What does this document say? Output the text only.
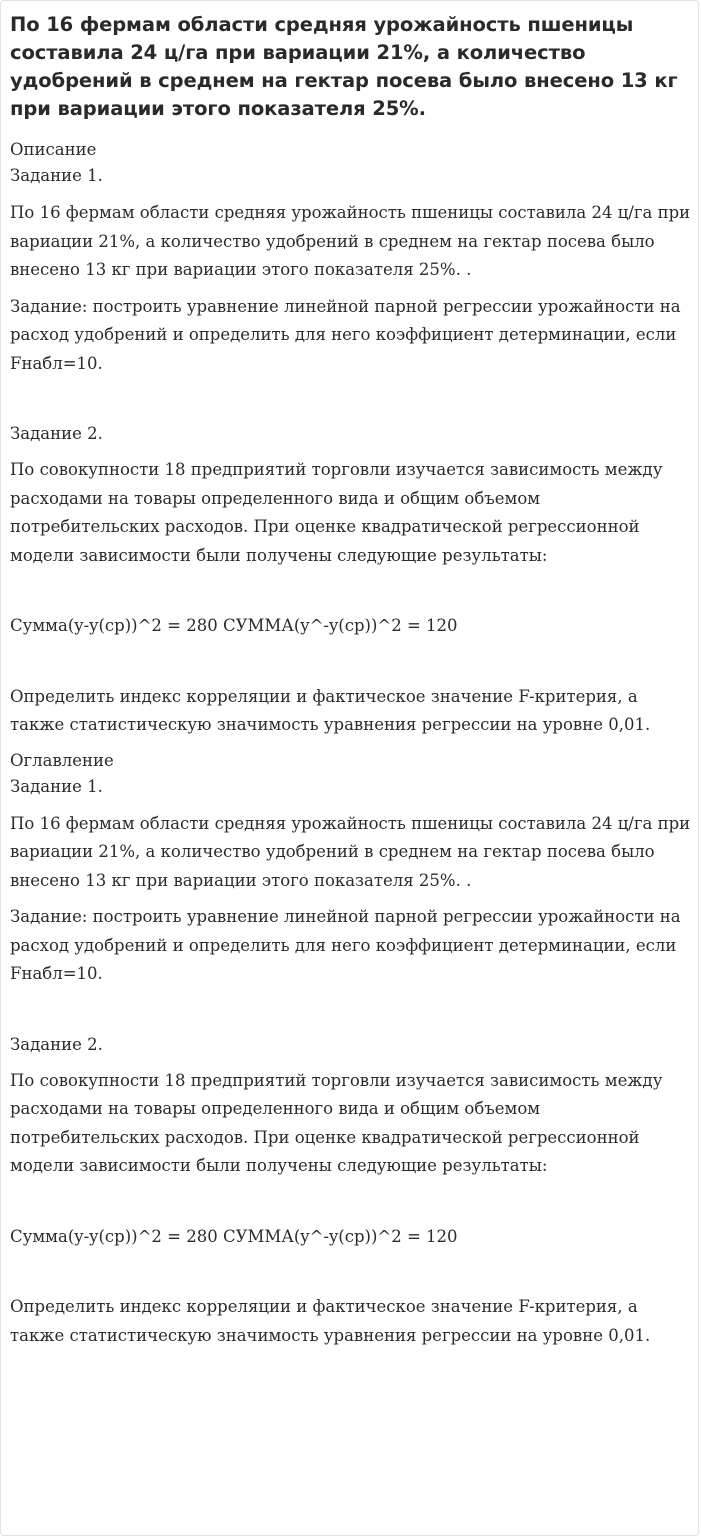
По 16 фермам области средняя урожайность пшеницы составила 24 ц/га при вариации 21%, а количество удобрений в среднем на гектар посева было внесено 13 кг при вариации этого показателя 25%.
Описание
Задание 1.

По 16 фермам области средняя урожайность пшеницы составила 24 ц/га при вариации 21%, а количество удобрений в среднем на гектар посева было внесено 13 кг при вариации этого показателя 25%. .

Задание: построить уравнение линейной парной регрессии урожайности на расход удобрений и определить для него коэффициент детерминации, если Fнабл=10.

Задание 2.

По совокупности 18 предприятий торговли изучается зависимость между расходами на товары определенного вида и общим объемом потребительских расходов. При оценке квадратической регрессионной модели зависимости были получены следующие результаты:

Сумма(y-y(cp))^2 = 280 СУММА(y^-y(cp))^2 = 120

Определить индекс корреляции и фактическое значение F-критерия, а также статистическую значимость уравнения регрессии на уровне 0,01.

Оглавление
Задание 1.

По 16 фермам области средняя урожайность пшеницы составила 24 ц/га при вариации 21%, а количество удобрений в среднем на гектар посева было внесено 13 кг при вариации этого показателя 25%. .

Задание: построить уравнение линейной парной регрессии урожайности на расход удобрений и определить для него коэффициент детерминации, если Fнабл=10.

Задание 2.

По совокупности 18 предприятий торговли изучается зависимость между расходами на товары определенного вида и общим объемом потребительских расходов. При оценке квадратической регрессионной модели зависимости были получены следующие результаты:

Сумма(y-y(cp))^2 = 280 СУММА(y^-y(cp))^2 = 120

Определить индекс корреляции и фактическое значение F-критерия, а также статистическую значимость уравнения регрессии на уровне 0,01.
